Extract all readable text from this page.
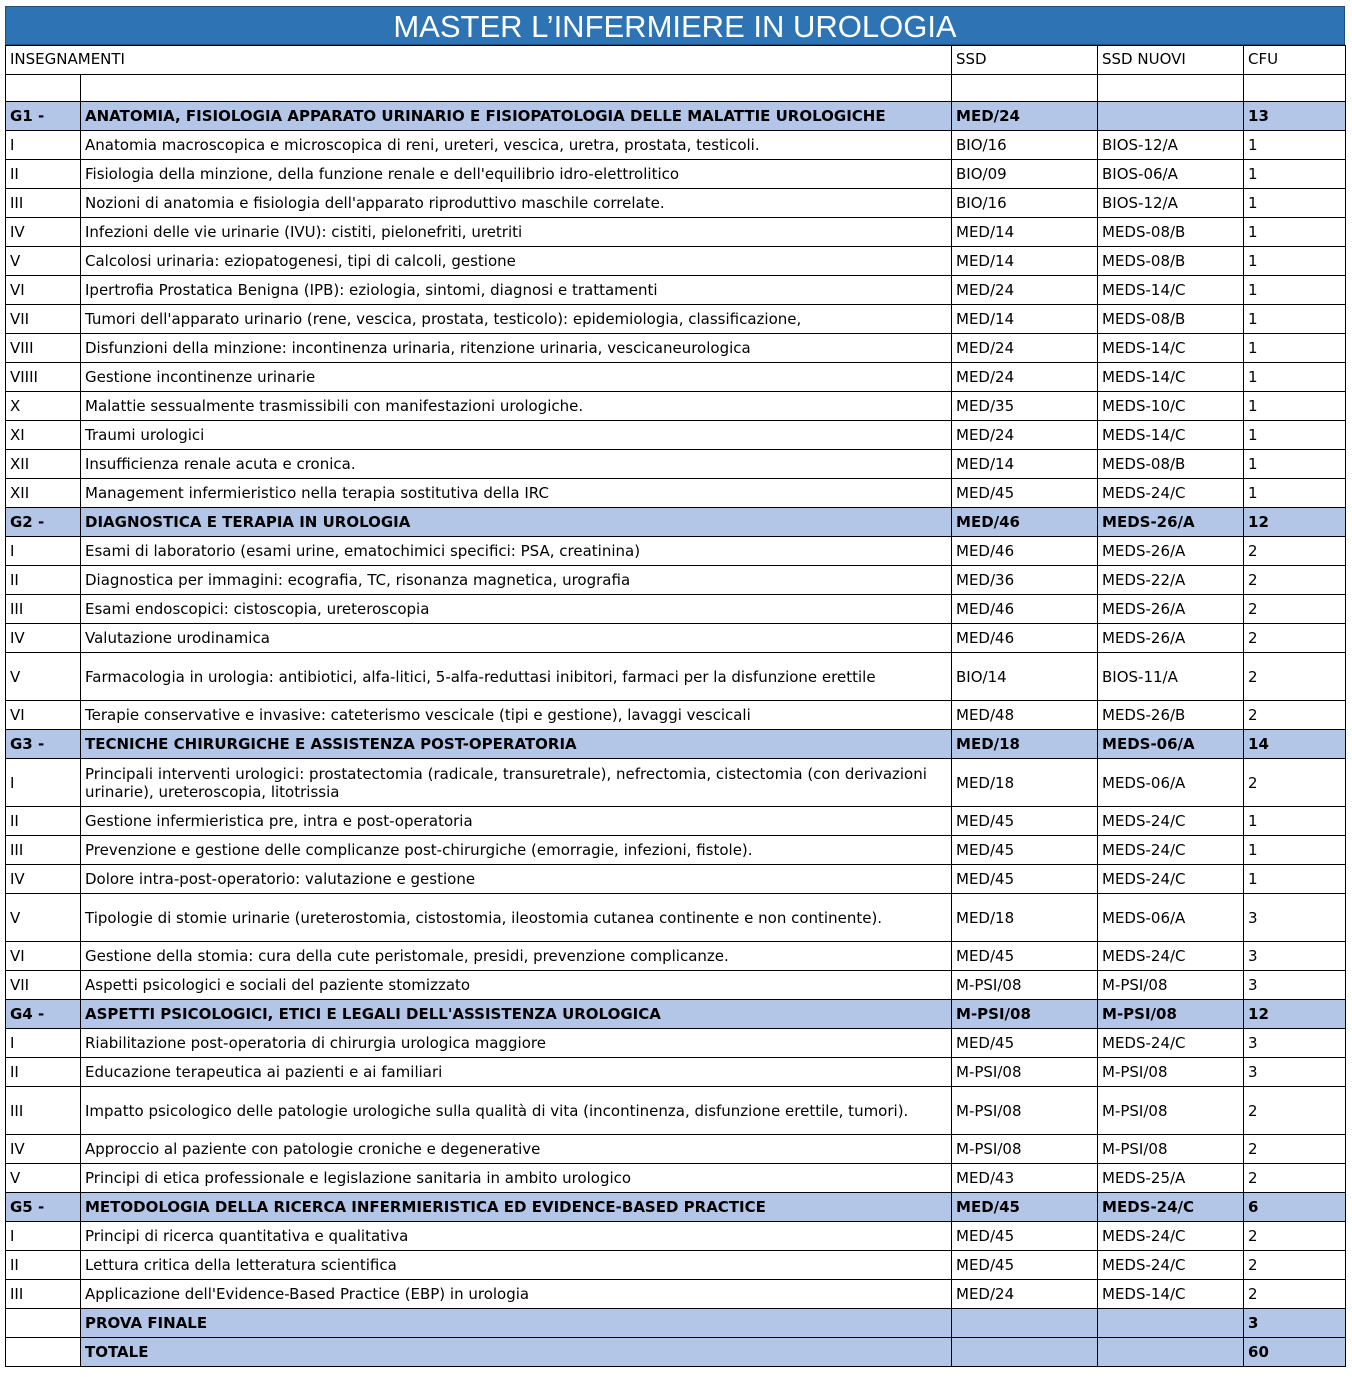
MASTER L’INFERMIERE IN UROLOGIA
INSEGNAMENTI		SSD	SSD NUOVI	CFU

G1 -	ANATOMIA, FISIOLOGIA APPARATO URINARIO E FISIOPATOLOGIA DELLE MALATTIE UROLOGICHE	MED/24		13
I	Anatomia macroscopica e microscopica di reni, ureteri, vescica, uretra, prostata, testicoli.	BIO/16	BIOS-12/A	1
II	Fisiologia della minzione, della funzione renale e dell'equilibrio idro-elettrolitico	BIO/09	BIOS-06/A	1
III	Nozioni di anatomia e fisiologia dell'apparato riproduttivo maschile correlate.	BIO/16	BIOS-12/A	1
IV	Infezioni delle vie urinarie (IVU): cistiti, pielonefriti, uretriti	MED/14	MEDS-08/B	1
V	Calcolosi urinaria: eziopatogenesi, tipi di calcoli, gestione	MED/14	MEDS-08/B	1
VI	Ipertrofia Prostatica Benigna (IPB): eziologia, sintomi, diagnosi e trattamenti	MED/24	MEDS-14/C	1
VII	Tumori dell'apparato urinario (rene, vescica, prostata, testicolo): epidemiologia, classificazione,	MED/14	MEDS-08/B	1
VIII	Disfunzioni della minzione: incontinenza urinaria, ritenzione urinaria, vescicaneurologica	MED/24	MEDS-14/C	1
VIIII	Gestione incontinenze urinarie	MED/24	MEDS-14/C	1
X	Malattie sessualmente trasmissibili con manifestazioni urologiche.	MED/35	MEDS-10/C	1
XI	Traumi urologici	MED/24	MEDS-14/C	1
XII	Insufficienza renale acuta e cronica.	MED/14	MEDS-08/B	1
XII	Management infermieristico nella terapia sostitutiva della IRC	MED/45	MEDS-24/C	1
G2 -	DIAGNOSTICA E TERAPIA IN UROLOGIA	MED/46	MEDS-26/A	12
I	Esami di laboratorio (esami urine, ematochimici specifici: PSA, creatinina)	MED/46	MEDS-26/A	2
II	Diagnostica per immagini: ecografia, TC, risonanza magnetica, urografia	MED/36	MEDS-22/A	2
III	Esami endoscopici: cistoscopia, ureteroscopia	MED/46	MEDS-26/A	2
IV	Valutazione urodinamica	MED/46	MEDS-26/A	2
V	Farmacologia in urologia: antibiotici, alfa-litici, 5-alfa-reduttasi inibitori, farmaci per la disfunzione erettile	BIO/14	BIOS-11/A	2
VI	Terapie conservative e invasive: cateterismo vescicale (tipi e gestione), lavaggi vescicali	MED/48	MEDS-26/B	2
G3 -	TECNICHE CHIRURGICHE E ASSISTENZA POST-OPERATORIA	MED/18	MEDS-06/A	14
I	Principali interventi urologici: prostatectomia (radicale, transuretrale), nefrectomia, cistectomia (con derivazioni urinarie), ureteroscopia, litotrissia	MED/18	MEDS-06/A	2
II	Gestione infermieristica pre, intra e post-operatoria	MED/45	MEDS-24/C	1
III	Prevenzione e gestione delle complicanze post-chirurgiche (emorragie, infezioni, fistole).	MED/45	MEDS-24/C	1
IV	Dolore intra-post-operatorio: valutazione e gestione	MED/45	MEDS-24/C	1
V	Tipologie di stomie urinarie (ureterostomia, cistostomia, ileostomia cutanea continente e non continente).	MED/18	MEDS-06/A	3
VI	Gestione della stomia: cura della cute peristomale, presidi, prevenzione complicanze.	MED/45	MEDS-24/C	3
VII	Aspetti psicologici e sociali del paziente stomizzato	M-PSI/08	M-PSI/08	3
G4 -	ASPETTI PSICOLOGICI, ETICI E LEGALI DELL'ASSISTENZA UROLOGICA	M-PSI/08	M-PSI/08	12
I	Riabilitazione post-operatoria di chirurgia urologica maggiore	MED/45	MEDS-24/C	3
II	Educazione terapeutica ai pazienti e ai familiari	M-PSI/08	M-PSI/08	3
III	Impatto psicologico delle patologie urologiche sulla qualità di vita (incontinenza, disfunzione erettile, tumori).	M-PSI/08	M-PSI/08	2
IV	Approccio al paziente con patologie croniche e degenerative	M-PSI/08	M-PSI/08	2
V	Principi di etica professionale e legislazione sanitaria in ambito urologico	MED/43	MEDS-25/A	2
G5 -	METODOLOGIA DELLA RICERCA INFERMIERISTICA ED EVIDENCE-BASED PRACTICE	MED/45	MEDS-24/C	6
I	Principi di ricerca quantitativa e qualitativa	MED/45	MEDS-24/C	2
II	Lettura critica della letteratura scientifica	MED/45	MEDS-24/C	2
III	Applicazione dell'Evidence-Based Practice (EBP) in urologia	MED/24	MEDS-14/C	2
	PROVA FINALE			3
	TOTALE			60
